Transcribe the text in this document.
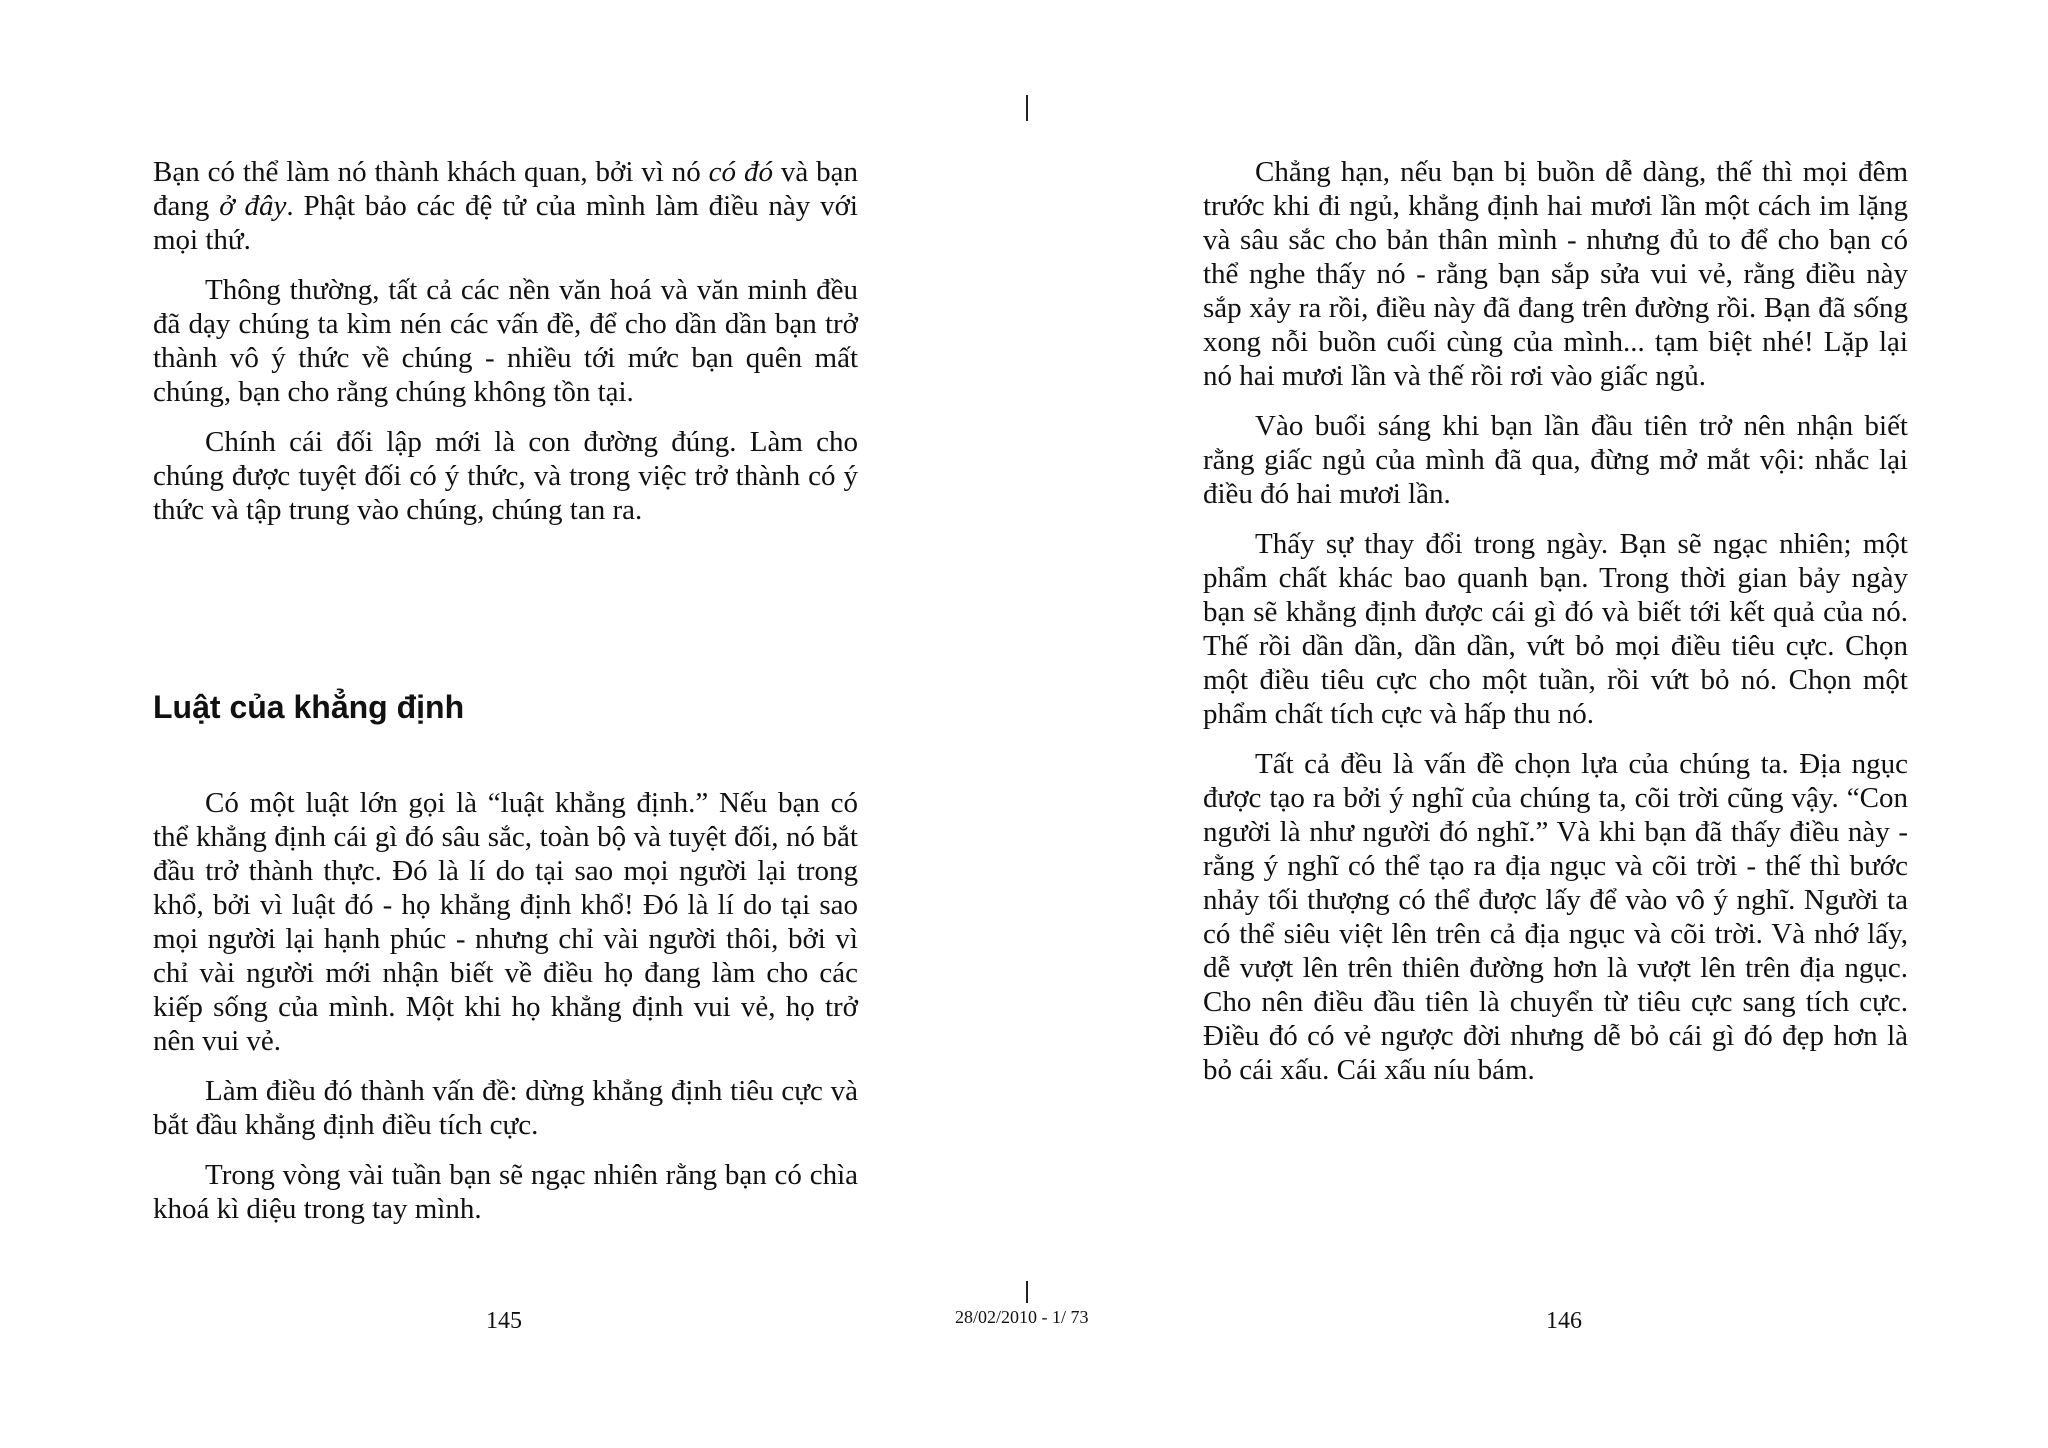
Bạn có thể làm nó thành khách quan, bởi vì nó có đó và bạn đang ở đây. Phật bảo các đệ tử của mình làm điều này với mọi thứ.

Thông thường, tất cả các nền văn hoá và văn minh đều đã dạy chúng ta kìm nén các vấn đề, để cho dần dần bạn trở thành vô ý thức về chúng - nhiều tới mức bạn quên mất chúng, bạn cho rằng chúng không tồn tại.

Chính cái đối lập mới là con đường đúng. Làm cho chúng được tuyệt đối có ý thức, và trong việc trở thành có ý thức và tập trung vào chúng, chúng tan ra.

Luật của khẳng định

Có một luật lớn gọi là “luật khẳng định.” Nếu bạn có thể khẳng định cái gì đó sâu sắc, toàn bộ và tuyệt đối, nó bắt đầu trở thành thực. Đó là lí do tại sao mọi người lại trong khổ, bởi vì luật đó - họ khẳng định khổ! Đó là lí do tại sao mọi người lại hạnh phúc - nhưng chỉ vài người thôi, bởi vì chỉ vài người mới nhận biết về điều họ đang làm cho các kiếp sống của mình. Một khi họ khẳng định vui vẻ, họ trở nên vui vẻ.

Làm điều đó thành vấn đề: dừng khẳng định tiêu cực và bắt đầu khẳng định điều tích cực.

Trong vòng vài tuần bạn sẽ ngạc nhiên rằng bạn có chìa khoá kì diệu trong tay mình.

Chẳng hạn, nếu bạn bị buồn dễ dàng, thế thì mọi đêm trước khi đi ngủ, khẳng định hai mươi lần một cách im lặng và sâu sắc cho bản thân mình - nhưng đủ to để cho bạn có thể nghe thấy nó - rằng bạn sắp sửa vui vẻ, rằng điều này sắp xảy ra rồi, điều này đã đang trên đường rồi. Bạn đã sống xong nỗi buồn cuối cùng của mình... tạm biệt nhé! Lặp lại nó hai mươi lần và thế rồi rơi vào giấc ngủ.

Vào buổi sáng khi bạn lần đầu tiên trở nên nhận biết rằng giấc ngủ của mình đã qua, đừng mở mắt vội: nhắc lại điều đó hai mươi lần.

Thấy sự thay đổi trong ngày. Bạn sẽ ngạc nhiên; một phẩm chất khác bao quanh bạn. Trong thời gian bảy ngày bạn sẽ khẳng định được cái gì đó và biết tới kết quả của nó. Thế rồi dần dần, dần dần, vứt bỏ mọi điều tiêu cực. Chọn một điều tiêu cực cho một tuần, rồi vứt bỏ nó. Chọn một phẩm chất tích cực và hấp thu nó.

Tất cả đều là vấn đề chọn lựa của chúng ta. Địa ngục được tạo ra bởi ý nghĩ của chúng ta, cõi trời cũng vậy. “Con người là như người đó nghĩ.” Và khi bạn đã thấy điều này - rằng ý nghĩ có thể tạo ra địa ngục và cõi trời - thế thì bước nhảy tối thượng có thể được lấy để vào vô ý nghĩ. Người ta có thể siêu việt lên trên cả địa ngục và cõi trời. Và nhớ lấy, dễ vượt lên trên thiên đường hơn là vượt lên trên địa ngục. Cho nên điều đầu tiên là chuyển từ tiêu cực sang tích cực. Điều đó có vẻ ngược đời nhưng dễ bỏ cái gì đó đẹp hơn là bỏ cái xấu. Cái xấu níu bám.

145	28/02/2010 - 1/ 73	146
